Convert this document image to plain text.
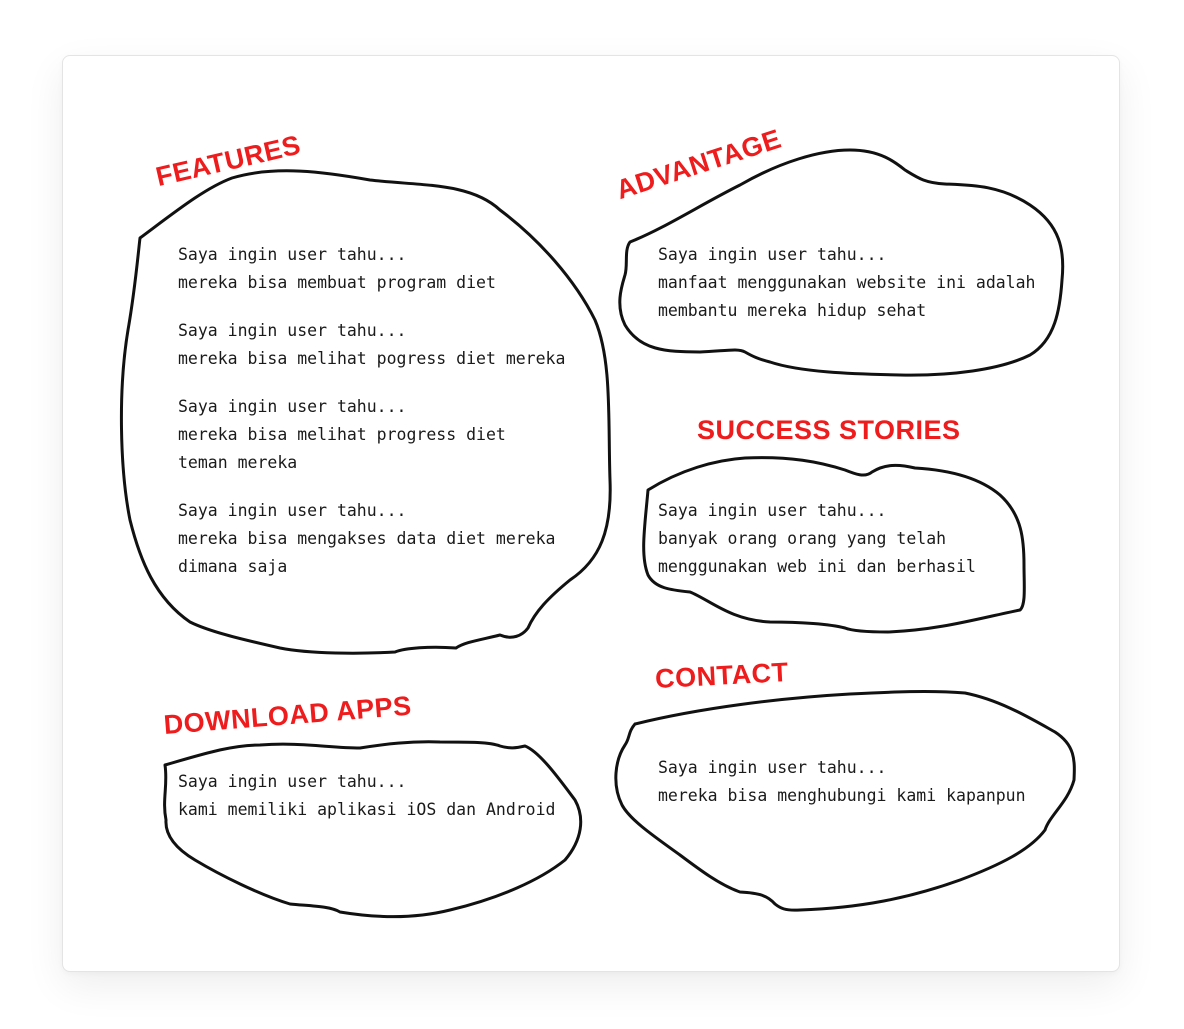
FEATURES	ADVANTAGE
SUCCESS STORIES
DOWNLOAD APPS
CONTACT
Saya ingin user tahu...
mereka bisa membuat program diet
Saya ingin user tahu...
mereka bisa melihat pogress diet mereka
Saya ingin user tahu...
mereka bisa melihat progress diet
teman mereka
Saya ingin user tahu...
mereka bisa mengakses data diet mereka
dimana saja
Saya ingin user tahu...
manfaat menggunakan website ini adalah
membantu mereka hidup sehat
Saya ingin user tahu...
banyak orang orang yang telah
menggunakan web ini dan berhasil
Saya ingin user tahu...
kami memiliki aplikasi iOS dan Android
Saya ingin user tahu...
mereka bisa menghubungi kami kapanpun
